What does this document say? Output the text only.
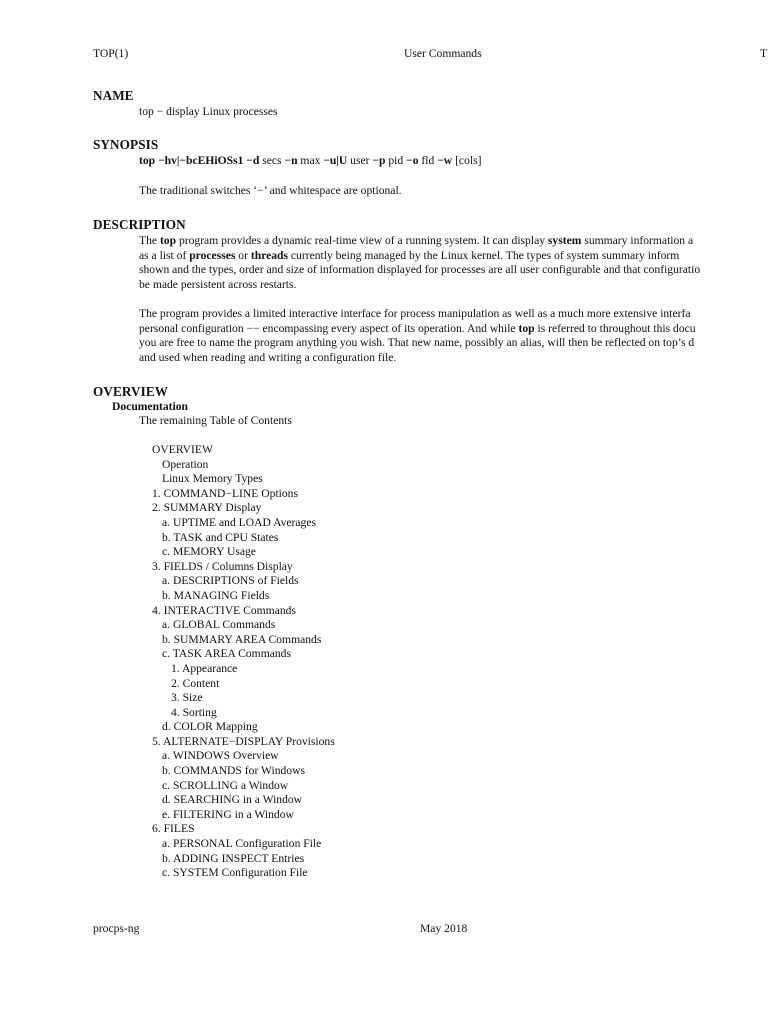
TOP(1)	User Commands	T
NAME
top − display Linux processes
SYNOPSIS
top −hv|−bcEHiOSs1 −d secs −n max −u|U user −p pid −o fld −w [cols]
The traditional switches ‘−’ and whitespace are optional.
DESCRIPTION

The top program provides a dynamic real-time view of a running system. It can display system summary information a

as a list of processes or threads currently being managed by the Linux kernel. The types of system summary inform

shown and the types, order and size of information displayed for processes are all user configurable and that configuratio

be made persistent across restarts.

The program provides a limited interactive interface for process manipulation as well as a much more extensive interfa

personal configuration −− encompassing every aspect of its operation. And while top is referred to throughout this docu

you are free to name the program anything you wish. That new name, possibly an alias, will then be reflected on top’s d

and used when reading and writing a configuration file.

OVERVIEW
Documentation
The remaining Table of Contents
OVERVIEW
Operation
Linux Memory Types
1. COMMAND−LINE Options
2. SUMMARY Display
a. UPTIME and LOAD Averages
b. TASK and CPU States
c. MEMORY Usage
3. FIELDS / Columns Display
a. DESCRIPTIONS of Fields
b. MANAGING Fields
4. INTERACTIVE Commands
a. GLOBAL Commands
b. SUMMARY AREA Commands
c. TASK AREA Commands
1. Appearance
2. Content
3. Size
4. Sorting
d. COLOR Mapping
5. ALTERNATE−DISPLAY Provisions
a. WINDOWS Overview
b. COMMANDS for Windows
c. SCROLLING a Window
d. SEARCHING in a Window
e. FILTERING in a Window
6. FILES
a. PERSONAL Configuration File
b. ADDING INSPECT Entries
c. SYSTEM Configuration File
procps-ng	May 2018
